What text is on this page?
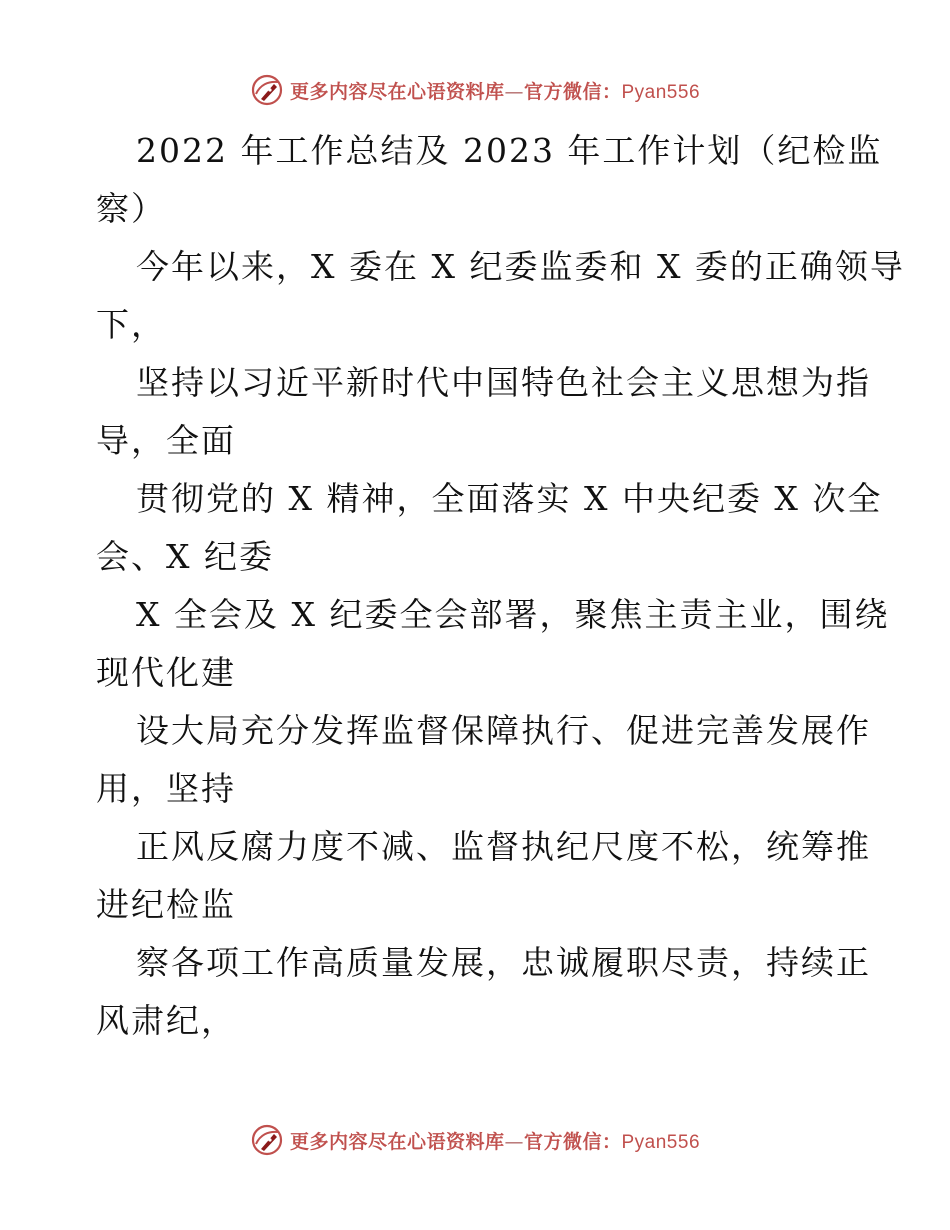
更多内容尽在心语资料库—官方微信：Pyan556
2022 年工作总结及 2023 年工作计划（纪检监
察）
今年以来，X 委在 X 纪委监委和 X 委的正确领导
下，
坚持以习近平新时代中国特色社会主义思想为指
导，全面
贯彻党的 X 精神，全面落实 X 中央纪委 X 次全
会、X 纪委
X 全会及 X 纪委全会部署，聚焦主责主业，围绕
现代化建
设大局充分发挥监督保障执行、促进完善发展作
用，坚持
正风反腐力度不减、监督执纪尺度不松，统筹推
进纪检监
察各项工作高质量发展，忠诚履职尽责，持续正
风肃纪，
更多内容尽在心语资料库—官方微信：Pyan556
